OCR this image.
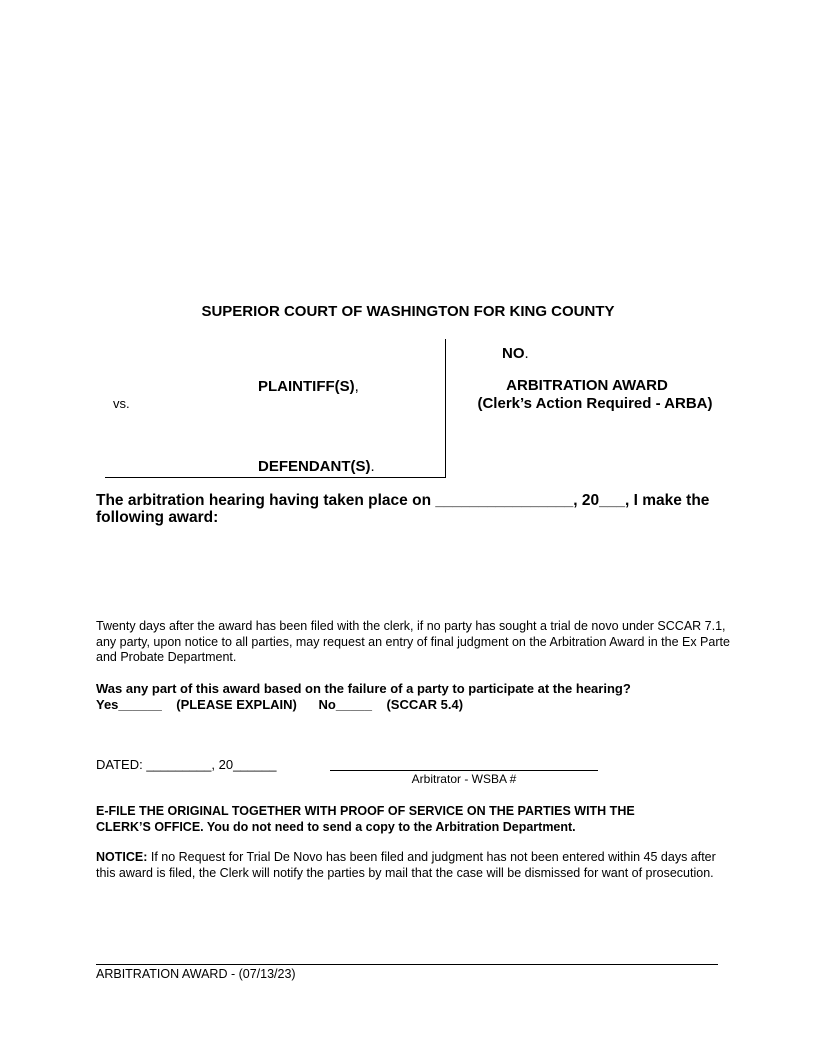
SUPERIOR COURT OF WASHINGTON FOR KING COUNTY
NO.
PLAINTIFF(S),
vs.
ARBITRATION AWARD
(Clerk’s Action Required - ARBA)
DEFENDANT(S).
The arbitration hearing having taken place on ________________, 20___, I make the following award:
Twenty days after the award has been filed with the clerk, if no party has sought a trial de novo under SCCAR 7.1, any party, upon notice to all parties, may request an entry of final judgment on the Arbitration Award in the Ex Parte and Probate Department.
Was any part of this award based on the failure of a party to participate at the hearing?
Yes______    (PLEASE EXPLAIN)      No_____    (SCCAR 5.4)
DATED: _________, 20______
Arbitrator - WSBA #
E-FILE THE ORIGINAL TOGETHER WITH PROOF OF SERVICE ON THE PARTIES WITH THE
CLERK’S OFFICE. You do not need to send a copy to the Arbitration Department.
NOTICE: If no Request for Trial De Novo has been filed and judgment has not been entered within 45 days after this award is filed, the Clerk will notify the parties by mail that the case will be dismissed for want of prosecution.
ARBITRATION AWARD - (07/13/23)
